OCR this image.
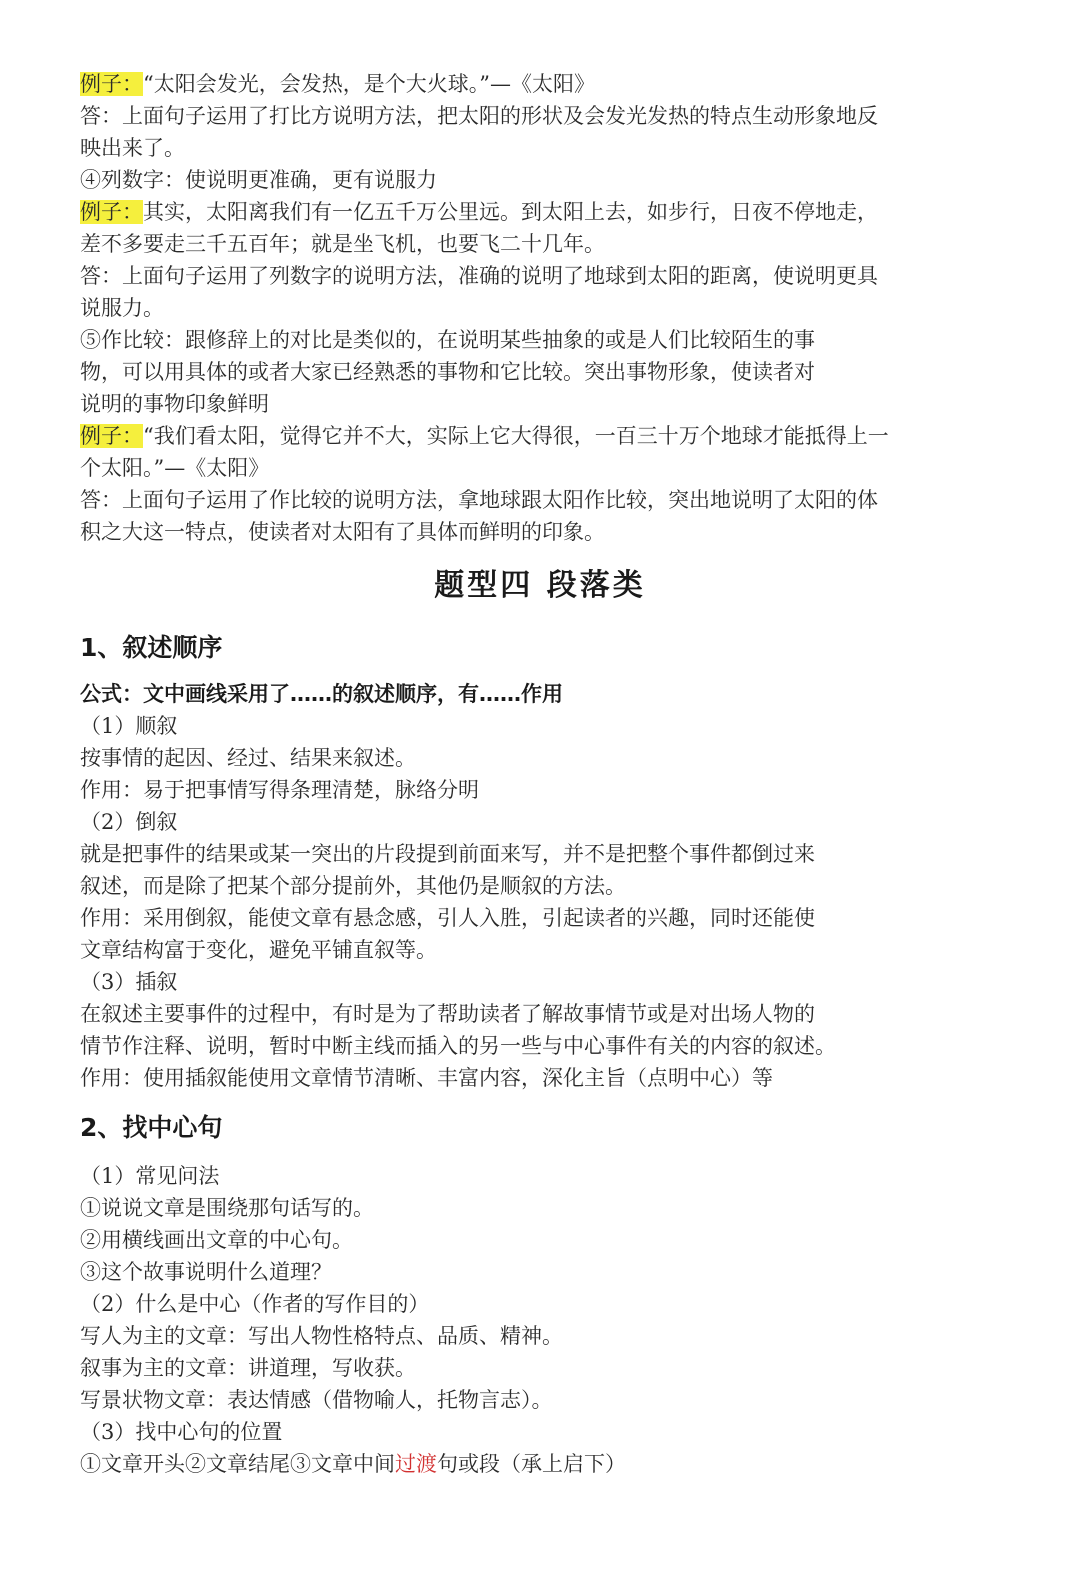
例子：“太阳会发光，会发热，是个大火球。”—《太阳》

答：上面句子运用了打比方说明方法，把太阳的形状及会发光发热的特点生动形象地反

映出来了。

④列数字：使说明更准确，更有说服力

例子：其实，太阳离我们有一亿五千万公里远。到太阳上去，如步行，日夜不停地走，

差不多要走三千五百年；就是坐飞机，也要飞二十几年。

答：上面句子运用了列数字的说明方法，准确的说明了地球到太阳的距离，使说明更具

说服力。

⑤作比较：跟修辞上的对比是类似的，在说明某些抽象的或是人们比较陌生的事

物，可以用具体的或者大家已经熟悉的事物和它比较。突出事物形象，使读者对

说明的事物印象鲜明

例子：“我们看太阳，觉得它并不大，实际上它大得很，一百三十万个地球才能抵得上一

个太阳。”—《太阳》

答：上面句子运用了作比较的说明方法，拿地球跟太阳作比较，突出地说明了太阳的体

积之大这一特点，使读者对太阳有了具体而鲜明的印象。

题型四 段落类
1、叙述顺序
公式：文中画线采用了……的叙述顺序，有……作用

（1）顺叙

按事情的起因、经过、结果来叙述。

作用：易于把事情写得条理清楚，脉络分明

（2）倒叙

就是把事件的结果或某一突出的片段提到前面来写，并不是把整个事件都倒过来

叙述，而是除了把某个部分提前外，其他仍是顺叙的方法。

作用：采用倒叙，能使文章有悬念感，引人入胜，引起读者的兴趣，同时还能使

文章结构富于变化，避免平铺直叙等。

（3）插叙

在叙述主要事件的过程中，有时是为了帮助读者了解故事情节或是对出场人物的

情节作注释、说明，暂时中断主线而插入的另一些与中心事件有关的内容的叙述。

作用：使用插叙能使用文章情节清晰、丰富内容，深化主旨（点明中心）等

2、找中心句

（1）常见问法

①说说文章是围绕那句话写的。

②用横线画出文章的中心句。

③这个故事说明什么道理？

（2）什么是中心（作者的写作目的）

写人为主的文章：写出人物性格特点、品质、精神。

叙事为主的文章：讲道理，写收获。

写景状物文章：表达情感（借物喻人，托物言志）。

（3）找中心句的位置

①文章开头②文章结尾③文章中间过渡句或段（承上启下）
